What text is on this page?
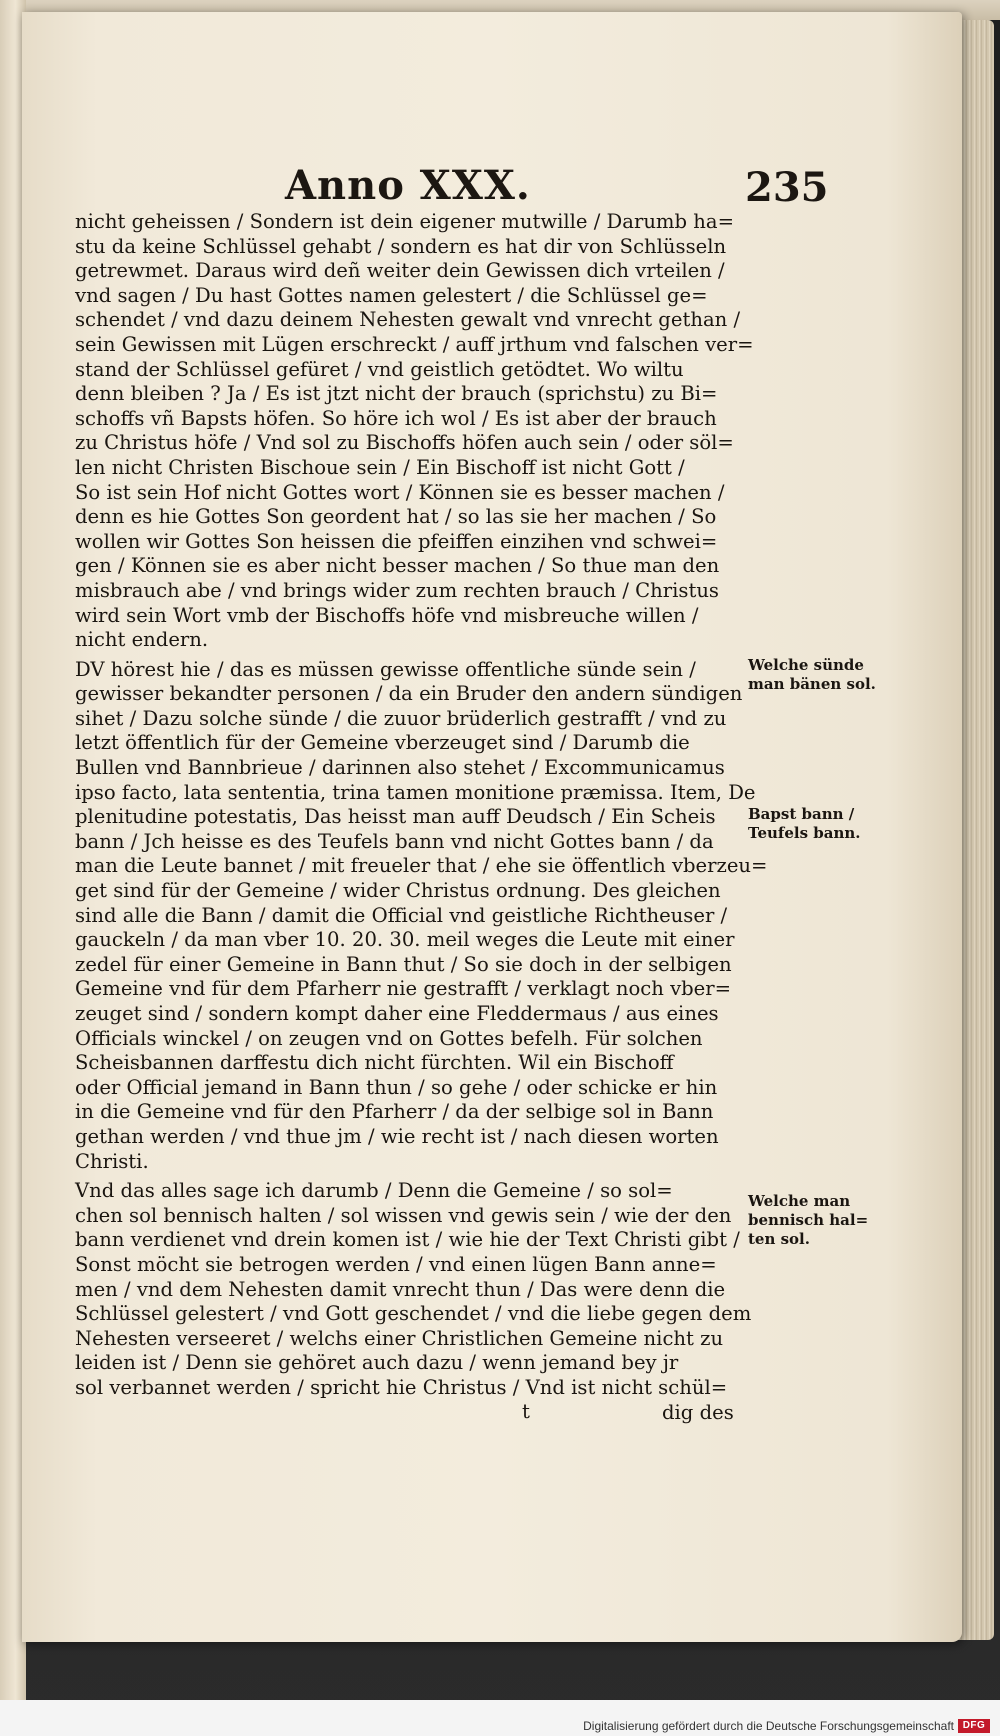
Anno XXX.	235
nicht geheissen / Sondern ist dein eigener mutwille / Darumb ha=
stu da keine Schlüssel gehabt / sondern es hat dir von Schlüsseln
getrewmet. Daraus wird deñ weiter dein Gewissen dich vrteilen /
vnd sagen / Du hast Gottes namen gelestert / die Schlüssel ge=
schendet / vnd dazu deinem Nehesten gewalt vnd vnrecht gethan /
sein Gewissen mit Lügen erschreckt / auff jrthum vnd falschen ver=
stand der Schlüssel gefüret / vnd geistlich getödtet. Wo wiltu
denn bleiben ? Ja / Es ist jtzt nicht der brauch (sprichstu) zu Bi=
schoffs vñ Bapsts höfen. So höre ich wol / Es ist aber der brauch
zu Christus höfe / Vnd sol zu Bischoffs höfen auch sein / oder söl=
len nicht Christen Bischoue sein / Ein Bischoff ist nicht Gott /
So ist sein Hof nicht Gottes wort / Können sie es besser machen /
denn es hie Gottes Son geordent hat / so las sie her machen / So
wollen wir Gottes Son heissen die pfeiffen einzihen vnd schwei=
gen / Können sie es aber nicht besser machen / So thue man den
misbrauch abe / vnd brings wider zum rechten brauch / Christus
wird sein Wort vmb der Bischoffs höfe vnd misbreuche willen /
nicht endern.
DV hörest hie / das es müssen gewisse offentliche sünde sein /
gewisser bekandter personen / da ein Bruder den andern sündigen
sihet / Dazu solche sünde / die zuuor brüderlich gestrafft / vnd zu
letzt öffentlich für der Gemeine vberzeuget sind / Darumb die
Bullen vnd Bannbrieue / darinnen also stehet / Excommunicamus
ipso facto, lata sententia, trina tamen monitione præmissa. Item, De
plenitudine potestatis, Das heisst man auff Deudsch / Ein Scheis
bann / Jch heisse es des Teufels bann vnd nicht Gottes bann / da
man die Leute bannet / mit freueler that / ehe sie öffentlich vberzeu=
get sind für der Gemeine / wider Christus ordnung. Des gleichen
sind alle die Bann / damit die Official vnd geistliche Richtheuser /
gauckeln / da man vber 10. 20. 30. meil weges die Leute mit einer
zedel für einer Gemeine in Bann thut / So sie doch in der selbigen
Gemeine vnd für dem Pfarherr nie gestrafft / verklagt noch vber=
zeuget sind / sondern kompt daher eine Fleddermaus / aus eines
Officials winckel / on zeugen vnd on Gottes befelh. Für solchen
Scheisbannen darffestu dich nicht fürchten. Wil ein Bischoff
oder Official jemand in Bann thun / so gehe / oder schicke er hin
in die Gemeine vnd für den Pfarherr / da der selbige sol in Bann
gethan werden / vnd thue jm / wie recht ist / nach diesen worten
Christi.
Vnd das alles sage ich darumb / Denn die Gemeine / so sol=
chen sol bennisch halten / sol wissen vnd gewis sein / wie der den
bann verdienet vnd drein komen ist / wie hie der Text Christi gibt /
Sonst möcht sie betrogen werden / vnd einen lügen Bann anne=
men / vnd dem Nehesten damit vnrecht thun / Das were denn die
Schlüssel gelestert / vnd Gott geschendet / vnd die liebe gegen dem
Nehesten verseeret / welchs einer Christlichen Gemeine nicht zu
leiden ist / Denn sie gehöret auch dazu / wenn jemand bey jr
sol verbannet werden / spricht hie Christus / Vnd ist nicht schül=
Welche sünde
man bänen sol.
Bapst bann /
Teufels bann.
Welche man
bennisch hal=
ten sol.
t	dig des
Digitalisierung gefördert durch die Deutsche Forschungsgemeinschaft DFG
